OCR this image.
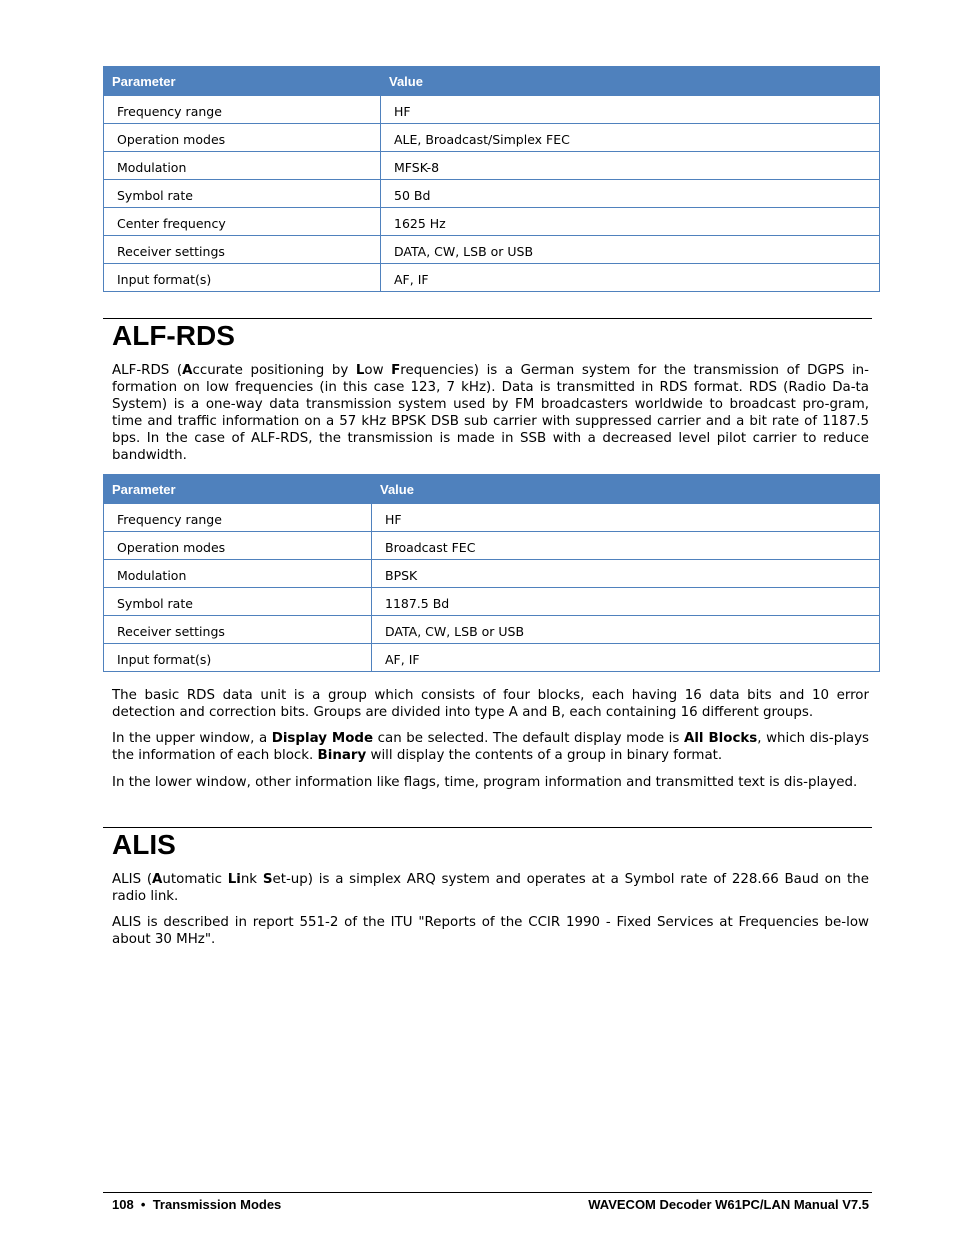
Parameter	Value
Frequency range	HF
Operation modes	ALE, Broadcast/Simplex FEC
Modulation	MFSK-8
Symbol rate	50 Bd
Center frequency	1625 Hz
Receiver settings	DATA, CW, LSB or USB
Input format(s)	AF, IF
ALF-RDS

ALF-RDS (Accurate positioning by Low Frequencies) is a German system for the transmission of DGPS in-formation on low frequencies (in this case 123, 7 kHz). Data is transmitted in RDS format. RDS (Radio Da-ta System) is a one-way data transmission system used by FM broadcasters worldwide to broadcast pro-gram, time and traffic information on a 57 kHz BPSK DSB sub carrier with suppressed carrier and a bit rate of 1187.5 bps. In the case of ALF-RDS, the transmission is made in SSB with a decreased level pilot carrier to reduce bandwidth.

Parameter	Value
Frequency range	HF
Operation modes	Broadcast FEC
Modulation	BPSK
Symbol rate	1187.5 Bd
Receiver settings	DATA, CW, LSB or USB
Input format(s)	AF, IF

The basic RDS data unit is a group which consists of four blocks, each having 16 data bits and 10 error detection and correction bits. Groups are divided into type A and B, each containing 16 different groups.

In the upper window, a Display Mode can be selected. The default display mode is All Blocks, which dis-plays the information of each block. Binary will display the contents of a group in binary format.

In the lower window, other information like flags, time, program information and transmitted text is dis-played.

ALIS

ALIS (Automatic Link Set-up) is a simplex ARQ system and operates at a Symbol rate of 228.66 Baud on the radio link.

ALIS is described in report 551-2 of the ITU "Reports of the CCIR 1990 - Fixed Services at Frequencies be-low about 30 MHz".

108  •  Transmission Modes	WAVECOM Decoder W61PC/LAN Manual V7.5
